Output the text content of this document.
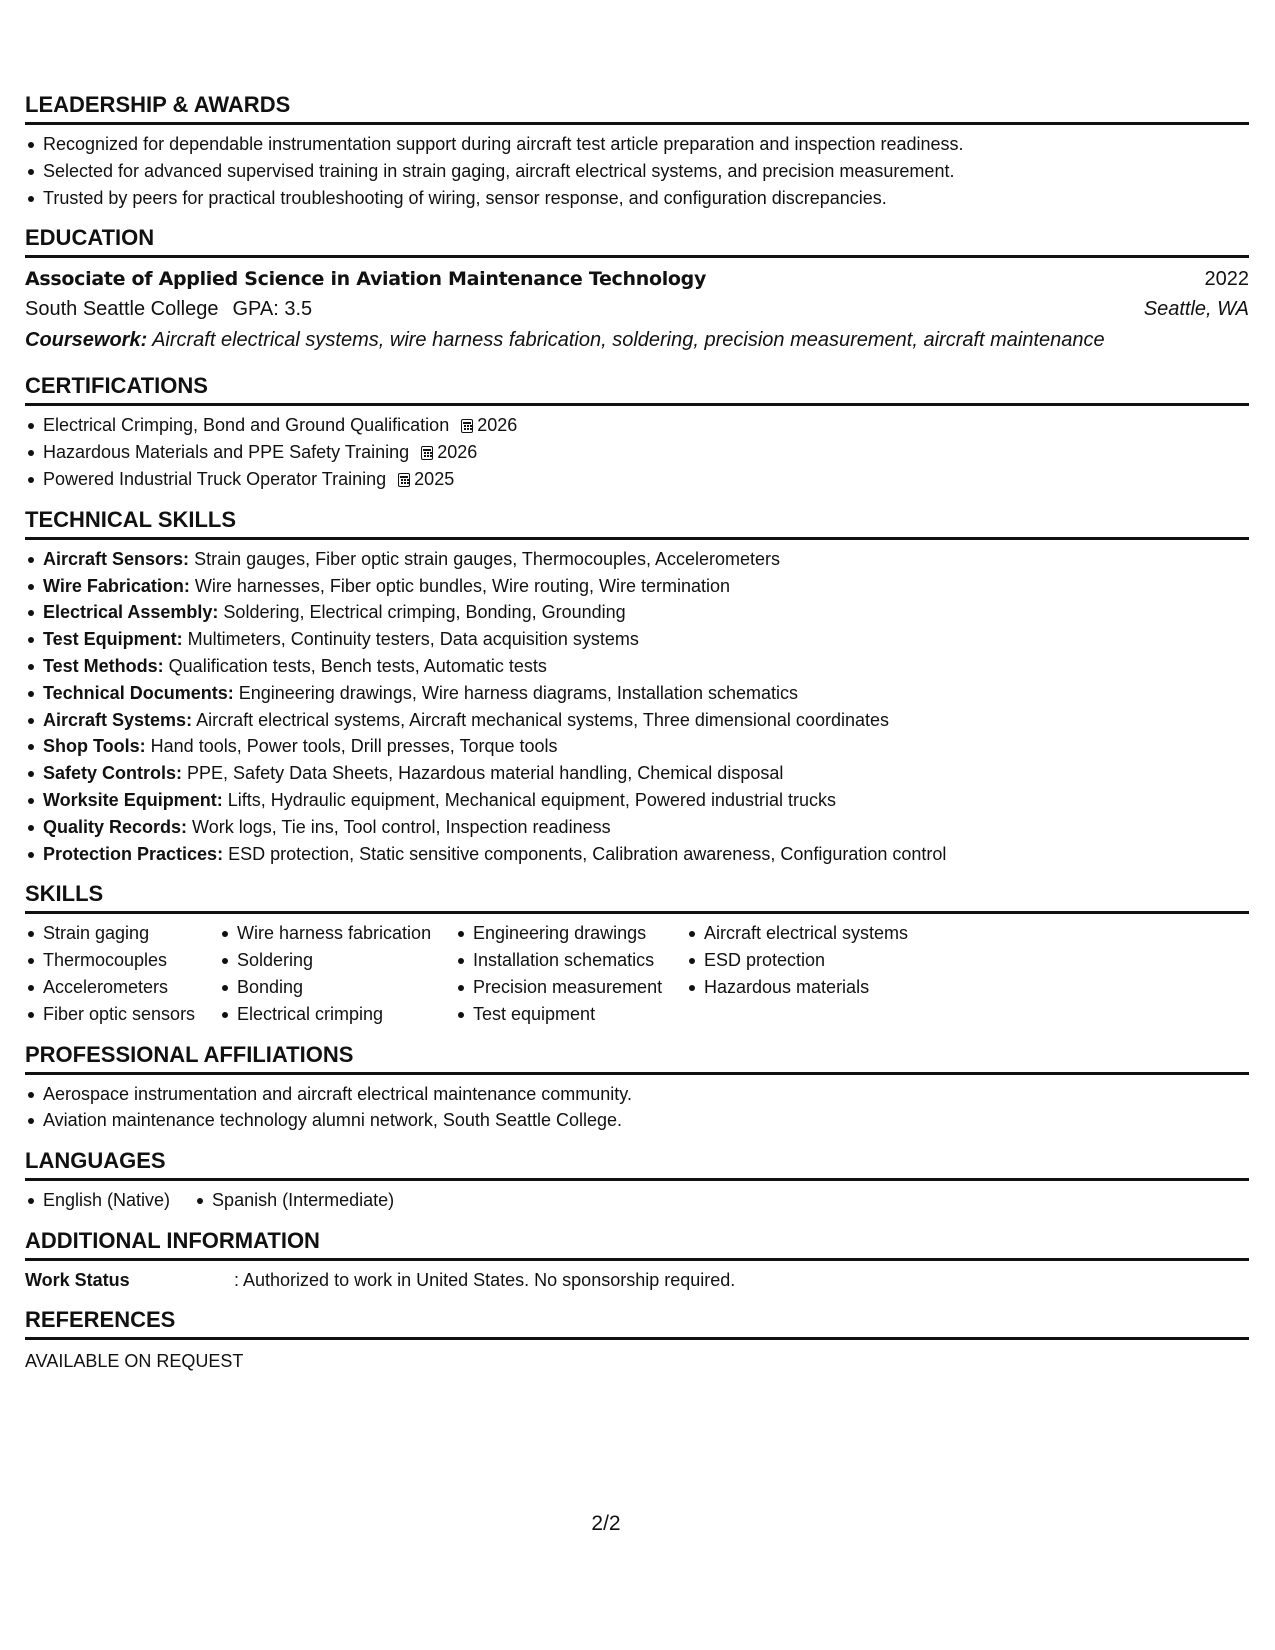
LEADERSHIP & AWARDS
Recognized for dependable instrumentation support during aircraft test article preparation and inspection readiness.
Selected for advanced supervised training in strain gaging, aircraft electrical systems, and precision measurement.
Trusted by peers for practical troubleshooting of wiring, sensor response, and configuration discrepancies.
EDUCATION
Associate of Applied Science in Aviation Maintenance Technology	2022
South Seattle College GPA: 3.5	Seattle, WA
Coursework: Aircraft electrical systems, wire harness fabrication, soldering, precision measurement, aircraft maintenance
CERTIFICATIONS
Electrical Crimping, Bond and Ground Qualification 2026
Hazardous Materials and PPE Safety Training 2026
Powered Industrial Truck Operator Training 2025
TECHNICAL SKILLS
Aircraft Sensors: Strain gauges, Fiber optic strain gauges, Thermocouples, Accelerometers
Wire Fabrication: Wire harnesses, Fiber optic bundles, Wire routing, Wire termination
Electrical Assembly: Soldering, Electrical crimping, Bonding, Grounding
Test Equipment: Multimeters, Continuity testers, Data acquisition systems
Test Methods: Qualification tests, Bench tests, Automatic tests
Technical Documents: Engineering drawings, Wire harness diagrams, Installation schematics
Aircraft Systems: Aircraft electrical systems, Aircraft mechanical systems, Three dimensional coordinates
Shop Tools: Hand tools, Power tools, Drill presses, Torque tools
Safety Controls: PPE, Safety Data Sheets, Hazardous material handling, Chemical disposal
Worksite Equipment: Lifts, Hydraulic equipment, Mechanical equipment, Powered industrial trucks
Quality Records: Work logs, Tie ins, Tool control, Inspection readiness
Protection Practices: ESD protection, Static sensitive components, Calibration awareness, Configuration control
SKILLS
Strain gaging
Thermocouples
Accelerometers
Fiber optic sensors
Wire harness fabrication
Soldering
Bonding
Electrical crimping
Engineering drawings
Installation schematics
Precision measurement
Test equipment
Aircraft electrical systems
ESD protection
Hazardous materials
PROFESSIONAL AFFILIATIONS
Aerospace instrumentation and aircraft electrical maintenance community.
Aviation maintenance technology alumni network, South Seattle College.
LANGUAGES
English (Native)	Spanish (Intermediate)
ADDITIONAL INFORMATION
Work Status	: Authorized to work in United States. No sponsorship required.
REFERENCES
AVAILABLE ON REQUEST
2/2
